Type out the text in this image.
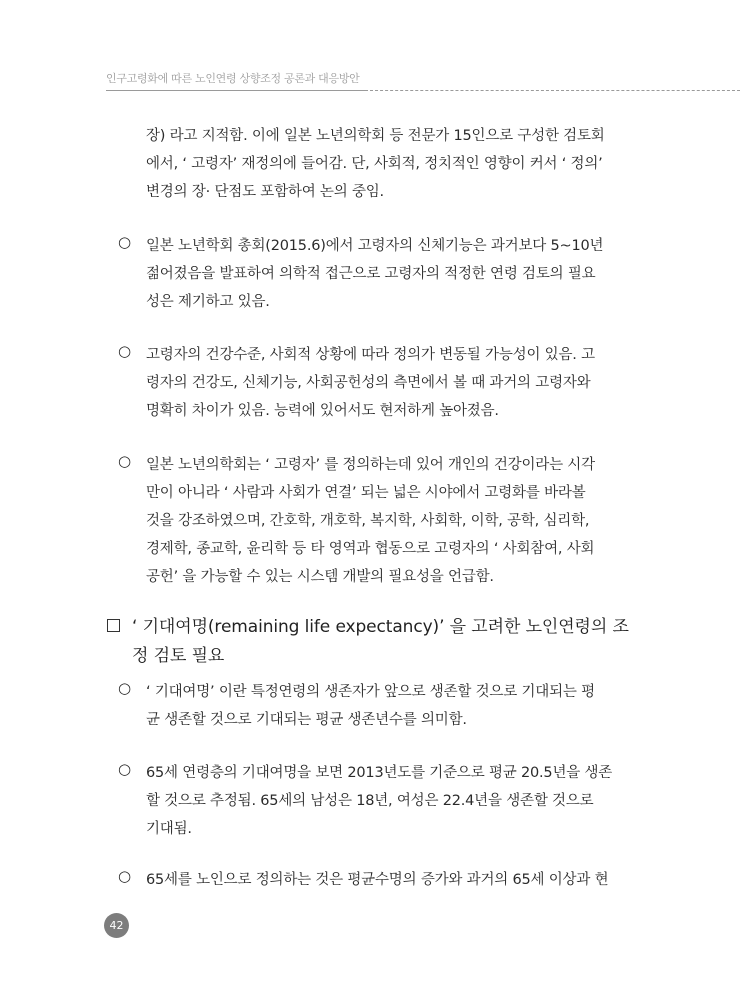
인구고령화에 따른 노인연령 상향조정 공론과 대응방안
장) 라고 지적함. 이에 일본 노년의학회 등 전문가 15인으로 구성한 검토회
에서, ‘ 고령자’ 재정의에 들어감. 단, 사회적, 정치적인 영향이 커서 ‘ 정의’
변경의 장· 단점도 포함하여 논의 중임.
○ 일본 노년학회 총회(2015.6)에서 고령자의 신체기능은 과거보다 5~10년
젊어졌음을 발표하여 의학적 접근으로 고령자의 적정한 연령 검토의 필요
성은 제기하고 있음.
○ 고령자의 건강수준, 사회적 상황에 따라 정의가 변동될 가능성이 있음. 고
령자의 건강도, 신체기능, 사회공헌성의 측면에서 볼 때 과거의 고령자와
명확히 차이가 있음. 능력에 있어서도 현저하게 높아졌음.
○ 일본 노년의학회는 ‘ 고령자’ 를 정의하는데 있어 개인의 건강이라는 시각
만이 아니라 ‘ 사람과 사회가 연결’ 되는 넓은 시야에서 고령화를 바라볼
것을 강조하였으며, 간호학, 개호학, 복지학, 사회학, 이학, 공학, 심리학,
경제학, 종교학, 윤리학 등 타 영역과 협동으로 고령자의 ‘ 사회참여, 사회
공헌’ 을 가능할 수 있는 시스템 개발의 필요성을 언급함.
‘ 기대여명(remaining life expectancy)’ 을 고려한 노인연령의 조
정 검토 필요
○ ‘ 기대여명’ 이란 특정연령의 생존자가 앞으로 생존할 것으로 기대되는 평
균 생존할 것으로 기대되는 평균 생존년수를 의미함.
○ 65세 연령층의 기대여명을 보면 2013년도를 기준으로 평균 20.5년을 생존
할 것으로 추정됨. 65세의 남성은 18년, 여성은 22.4년을 생존할 것으로
기대됨.
○ 65세를 노인으로 정의하는 것은 평균수명의 증가와 과거의 65세 이상과 현
42
